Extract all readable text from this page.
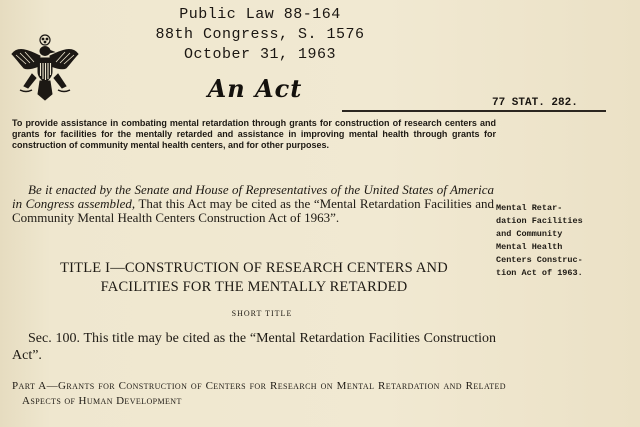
Public Law 88-164
88th Congress, S. 1576
October 31, 1963
An Act	77 STAT. 282.
To provide assistance in combating mental retardation through grants for construction of research centers and grants for facilities for the mentally retarded and assistance in improving mental health through grants for construction of community mental health centers, and for other purposes.
Be it enacted by the Senate and House of Representatives of the United States of America in Congress assembled, That this Act may be cited as the “Mental Retardation Facilities and Community Mental Health Centers Construction Act of 1963”.
Mental Retar-
dation Facilities
and Community
Mental Health
Centers Construc-
tion Act of 1963.
TITLE I—CONSTRUCTION OF RESEARCH CENTERS AND
FACILITIES FOR THE MENTALLY RETARDED
SHORT TITLE
Sec. 100. This title may be cited as the “Mental Retardation Facilities Construction Act”.
Part A—Grants for Construction of Centers for Research on Mental Retardation and Related Aspects of Human Development
